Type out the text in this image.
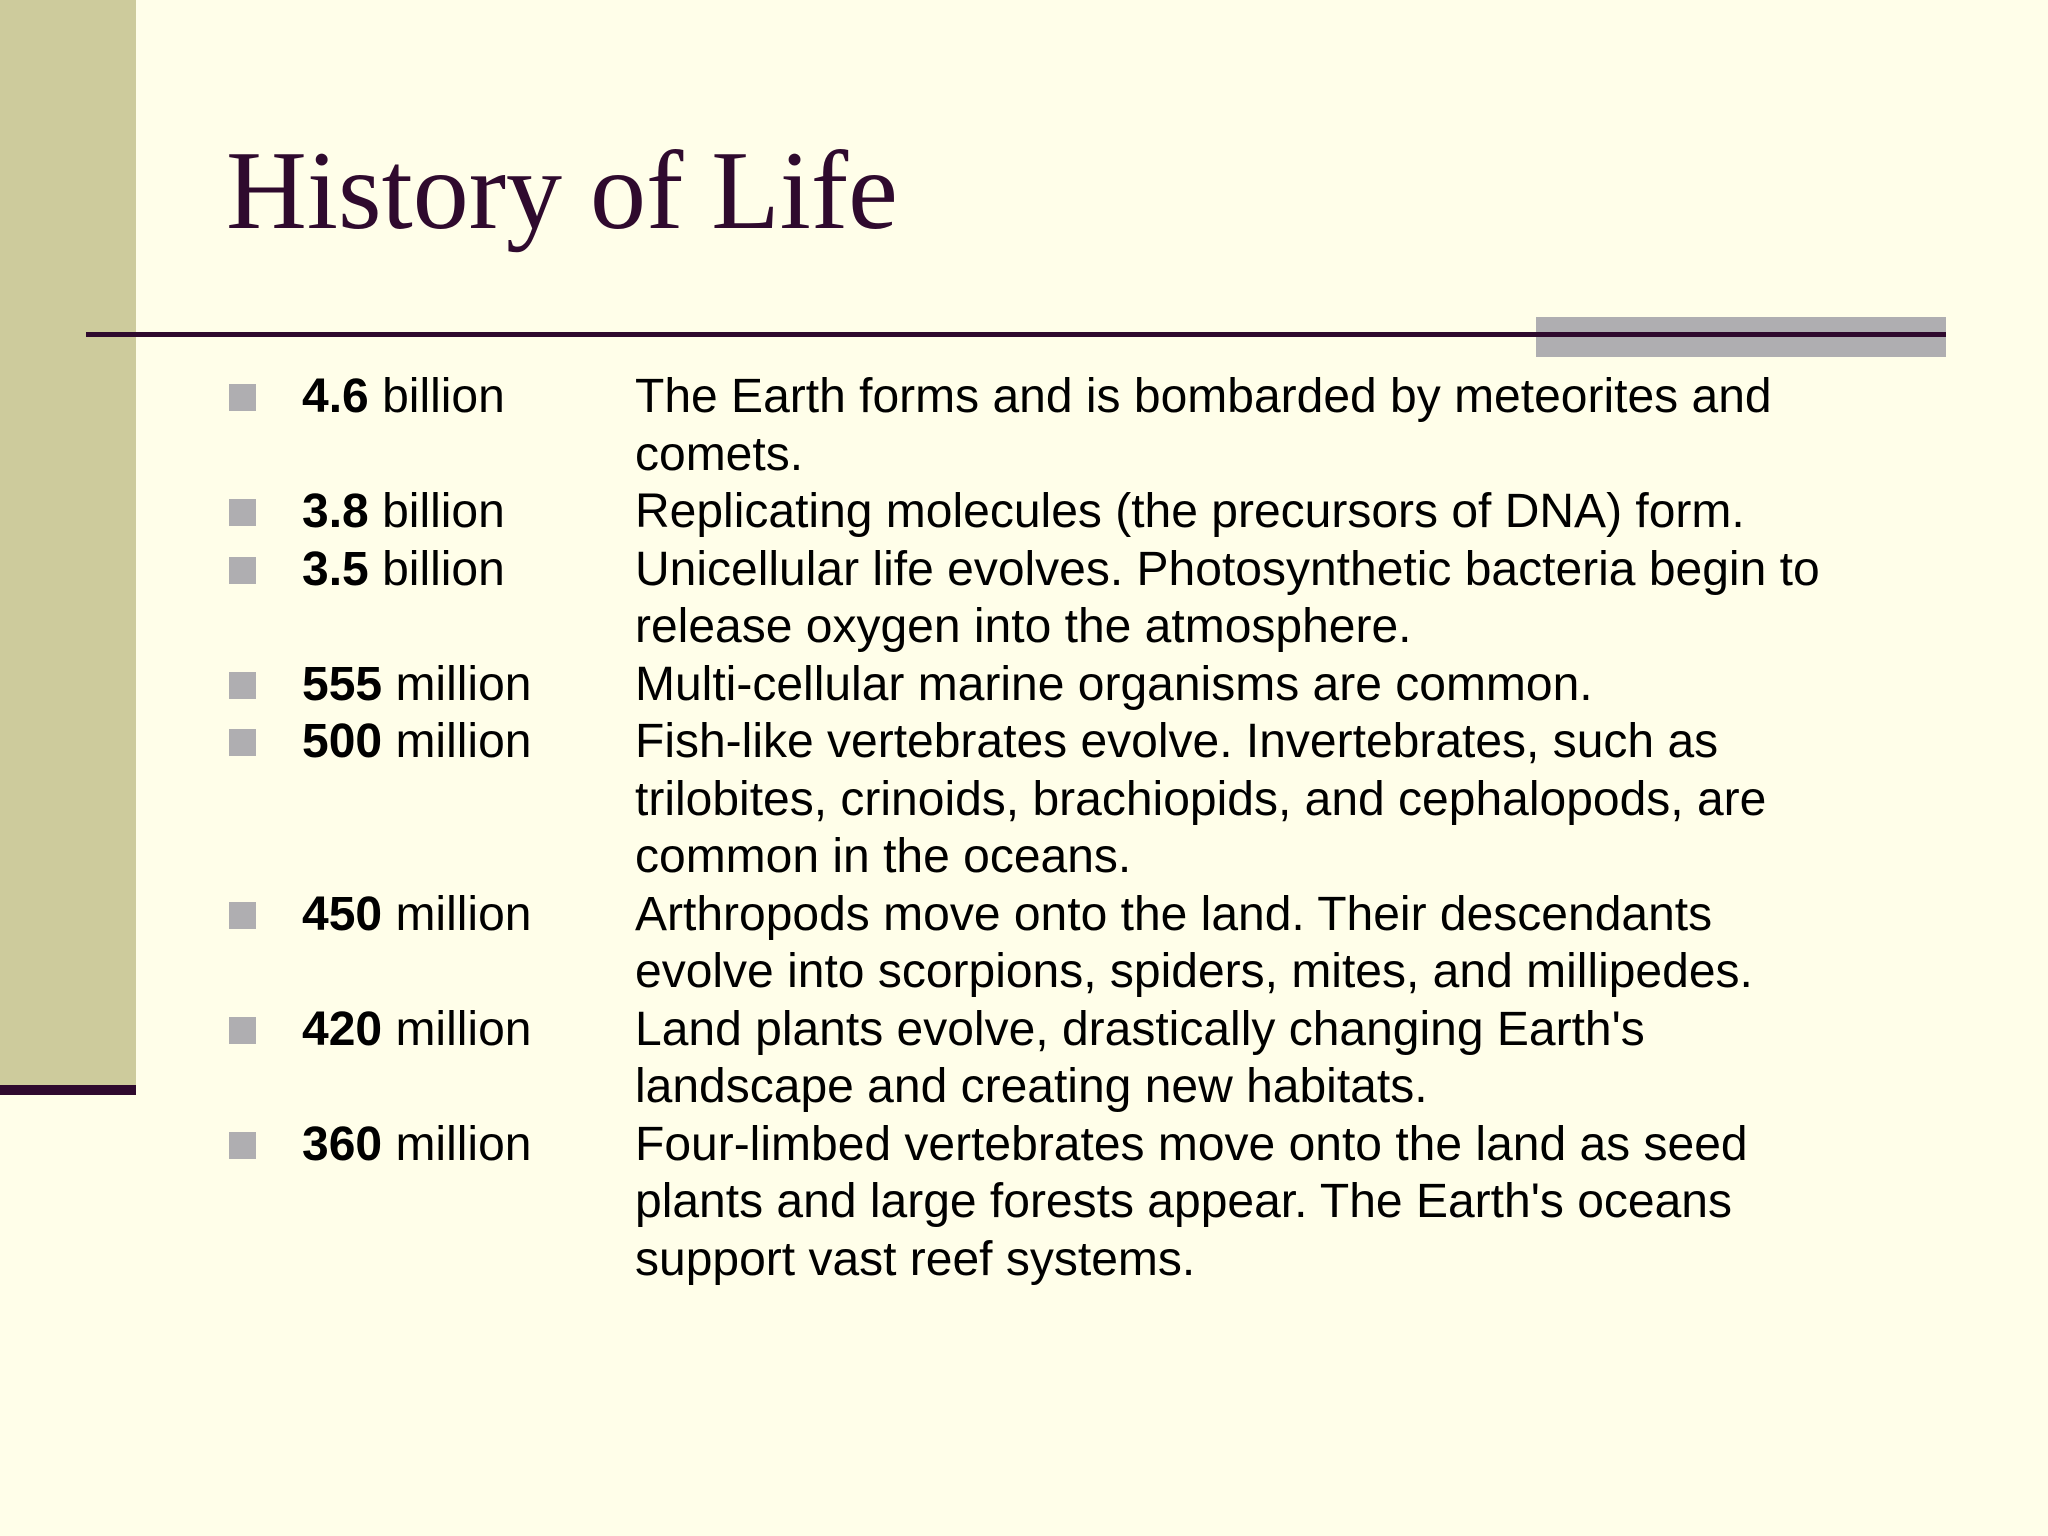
History of Life
4.6 billion	The Earth forms and is bombarded by meteorites and
comets.
3.8 billion	Replicating molecules (the precursors of DNA) form.
3.5 billion	Unicellular life evolves. Photosynthetic bacteria begin to
release oxygen into the atmosphere.
555 million Multi-cellular marine organisms are common.
500 million Fish-like vertebrates evolve. Invertebrates, such as
trilobites, crinoids, brachiopids, and cephalopods, are
common in the oceans.
450 million Arthropods move onto the land. Their descendants
evolve into scorpions, spiders, mites, and millipedes.
420 million Land plants evolve, drastically changing Earth's
landscape and creating new habitats.
360 million Four-limbed vertebrates move onto the land as seed
plants and large forests appear. The Earth's oceans
support vast reef systems.
